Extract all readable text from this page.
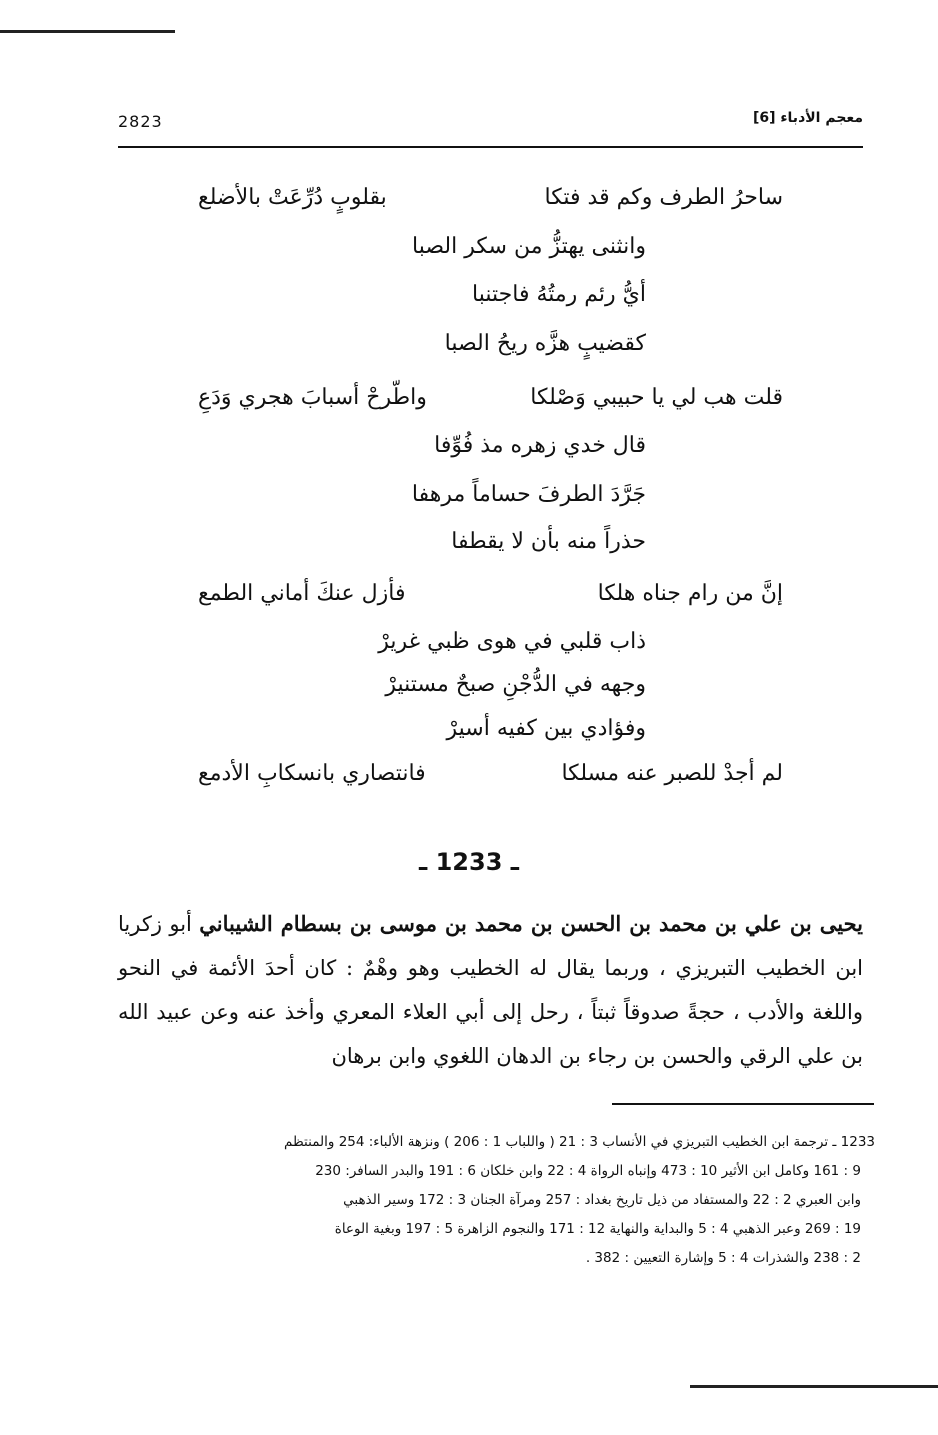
2823	معجم الأدباء [6]
ساحرُ الطرف وكم قد فتكا
بقلوبٍ دُرِّعَتْ بالأضلع
وانثنى يهتزُّ من سكر الصبا
أيُّ رئم رمتُهُ فاجتنبا
كقضيبٍ هزَّه ريحُ الصبا
قلت هب لي يا حبيبي وَصْلكا
واطّرحْ أسبابَ هجري وَدَعِ
قال خدي زهره مذ فُوِّفا
جَرَّدَ الطرفَ حساماً مرهفا
حذراً منه بأن لا يقطفا
إنَّ من رام جناه هلكا
فأزل عنكَ أماني الطمع
ذاب قلبي في هوى ظبي غريرْ
وجهه في الدُّجْنِ صبحٌ مستنيرْ
وفؤادي بين كفيه أسيرْ
لم أجدْ للصبر عنه مسلكا
فانتصاري بانسكابِ الأدمع
ـ 1233 ـ

يحيى بن علي بن محمد بن الحسن بن محمد بن موسى بن بسطام الشيباني أبو زكريا ابن الخطيب التبريزي ، وربما يقال له الخطيب وهو وهْمٌ : كان أحدَ الأئمة في النحو واللغة والأدب ، حجةً صدوقاً ثبتاً ، رحل إلى أبي العلاء المعري وأخذ عنه وعن عبيد الله بن علي الرقي والحسن بن رجاء بن الدهان اللغوي وابن برهان

1233 ـ ترجمة ابن الخطيب التبريزي في الأنساب 3 : 21 ( واللباب 1 : 206 ) ونزهة الألباء: 254 والمنتظم
9 : 161 وكامل ابن الأثير 10 : 473 وإنباه الرواة 4 : 22 وابن خلكان 6 : 191 والبدر السافر: 230
وابن العبري 2 : 22 والمستفاد من ذيل تاريخ بغداد : 257 ومرآة الجنان 3 : 172 وسير الذهبي
19 : 269 وعبر الذهبي 4 : 5 والبداية والنهاية 12 : 171 والنجوم الزاهرة 5 : 197 وبغية الوعاة
2 : 238 والشذرات 4 : 5 وإشارة التعيين : 382 .
